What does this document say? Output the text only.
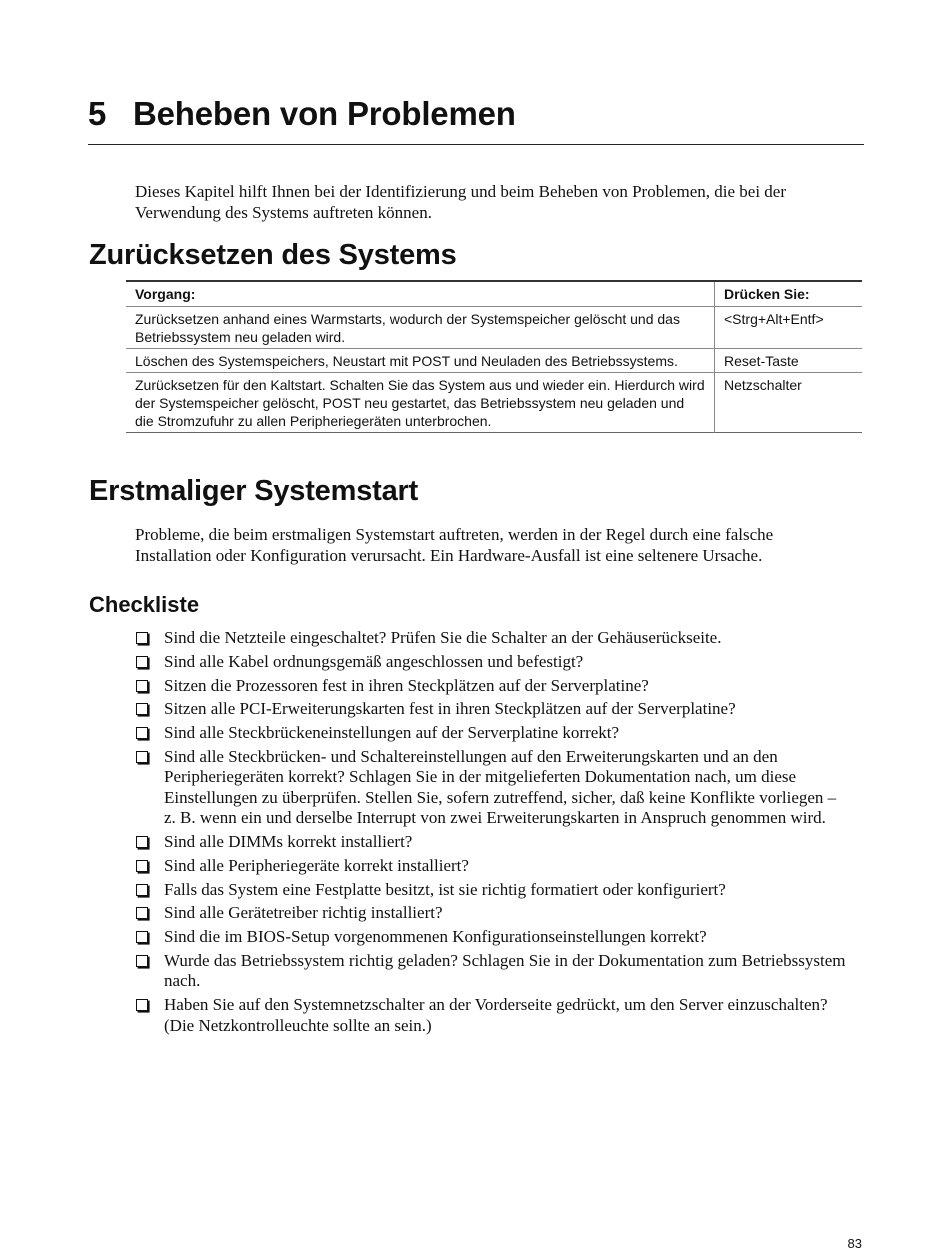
5 Beheben von Problemen

Dieses Kapitel hilft Ihnen bei der Identifizierung und beim Beheben von Problemen, die bei der Verwendung des Systems auftreten können.

Zurücksetzen des Systems
Vorgang:	Drücken Sie:
Zurücksetzen anhand eines Warmstarts, wodurch der Systemspeicher gelöscht und das Betriebssystem neu geladen wird.	<Strg+Alt+Entf>
Löschen des Systemspeichers, Neustart mit POST und Neuladen des Betriebssystems.	Reset-Taste
Zurücksetzen für den Kaltstart. Schalten Sie das System aus und wieder ein. Hierdurch wird der Systemspeicher gelöscht, POST neu gestartet, das Betriebssystem neu geladen und die Stromzufuhr zu allen Peripheriegeräten unterbrochen.	Netzschalter
Erstmaliger Systemstart

Probleme, die beim erstmaligen Systemstart auftreten, werden in der Regel durch eine falsche Installation oder Konfiguration verursacht. Ein Hardware-Ausfall ist eine seltenere Ursache.

Checkliste
Sind die Netzteile eingeschaltet? Prüfen Sie die Schalter an der Gehäuserückseite.
Sind alle Kabel ordnungsgemäß angeschlossen und befestigt?
Sitzen die Prozessoren fest in ihren Steckplätzen auf der Serverplatine?
Sitzen alle PCI-Erweiterungskarten fest in ihren Steckplätzen auf der Serverplatine?
Sind alle Steckbrückeneinstellungen auf der Serverplatine korrekt?
Sind alle Steckbrücken- und Schaltereinstellungen auf den Erweiterungskarten und an den Peripheriegeräten korrekt? Schlagen Sie in der mitgelieferten Dokumentation nach, um diese Einstellungen zu überprüfen. Stellen Sie, sofern zutreffend, sicher, daß keine Konflikte vorliegen – z. B. wenn ein und derselbe Interrupt von zwei Erweiterungskarten in Anspruch genommen wird.
Sind alle DIMMs korrekt installiert?
Sind alle Peripheriegeräte korrekt installiert?
Falls das System eine Festplatte besitzt, ist sie richtig formatiert oder konfiguriert?
Sind alle Gerätetreiber richtig installiert?
Sind die im BIOS-Setup vorgenommenen Konfigurationseinstellungen korrekt?
Wurde das Betriebssystem richtig geladen? Schlagen Sie in der Dokumentation zum Betriebssystem nach.
Haben Sie auf den Systemnetzschalter an der Vorderseite gedrückt, um den Server einzuschalten? (Die Netzkontrolleuchte sollte an sein.)

83
